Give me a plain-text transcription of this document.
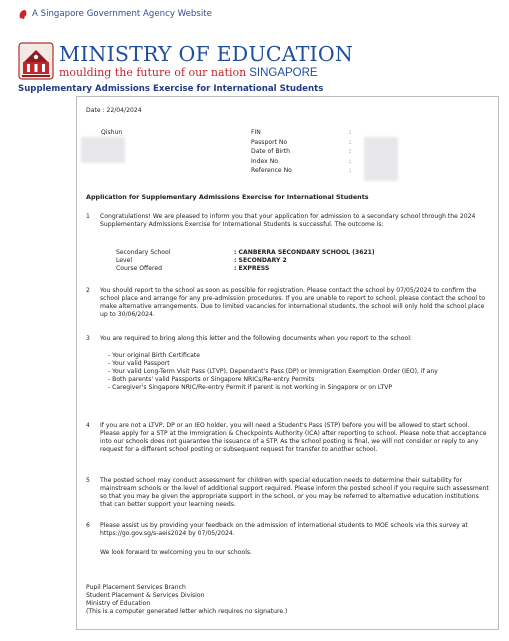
A Singapore Government Agency Website
MINISTRY OF EDUCATION
moulding the future of our nation SINGAPORE
Supplementary Admissions Exercise for International Students
Date : 22/04/2024
Qishun	FIN	:
Passport No	:
Date of Birth	:
Index No	:
Reference No	:
Application for Supplementary Admissions Exercise for International Students
1 Congratulations! We are pleased to inform you that your application for admission to a secondary school through the 2024 Supplementary Admissions Exercise for International Students is successful. The outcome is:
Secondary School	: CANBERRA SECONDARY SCHOOL (3621)
Level	: SECONDARY 2
Course Offered	: EXPRESS
2 You should report to the school as soon as possible for registration. Please contact the school by 07/05/2024 to confirm the school place and arrange for any pre-admission procedures. If you are unable to report to school, please contact the school to make alternative arrangements. Due to limited vacancies for international students, the school will only hold the school place up to 30/06/2024.
3 You are required to bring along this letter and the following documents when you report to the school:
- Your original Birth Certificate
- Your valid Passport
- Your valid Long-Term Visit Pass (LTVP), Dependant's Pass (DP) or Immigration Exemption Order (IEO), if any
- Both parents' valid Passports or Singapore NRICs/Re-entry Permits
- Caregiver's Singapore NRIC/Re-entry Permit if parent is not working in Singapore or on LTVP
4 If you are not a LTVP, DP or an IEO holder, you will need a Student's Pass (STP) before you will be allowed to start school. Please apply for a STP at the Immigration & Checkpoints Authority (ICA) after reporting to school. Please note that acceptance into our schools does not guarantee the issuance of a STP. As the school posting is final, we will not consider or reply to any request for a different school posting or subsequent request for transfer to another school.
5 The posted school may conduct assessment for children with special education needs to determine their suitability for mainstream schools or the level of additional support required. Please inform the posted school if you require such assessment so that you may be given the appropriate support in the school, or you may be referred to alternative education institutions that can better support your learning needs.
6 Please assist us by providing your feedback on the admission of international students to MOE schools via this survey at https://go.gov.sg/s-aeis2024 by 07/05/2024.
We look forward to welcoming you to our schools.
Pupil Placement Services Branch
Student Placement & Services Division
Ministry of Education
(This is a computer generated letter which requires no signature.)
